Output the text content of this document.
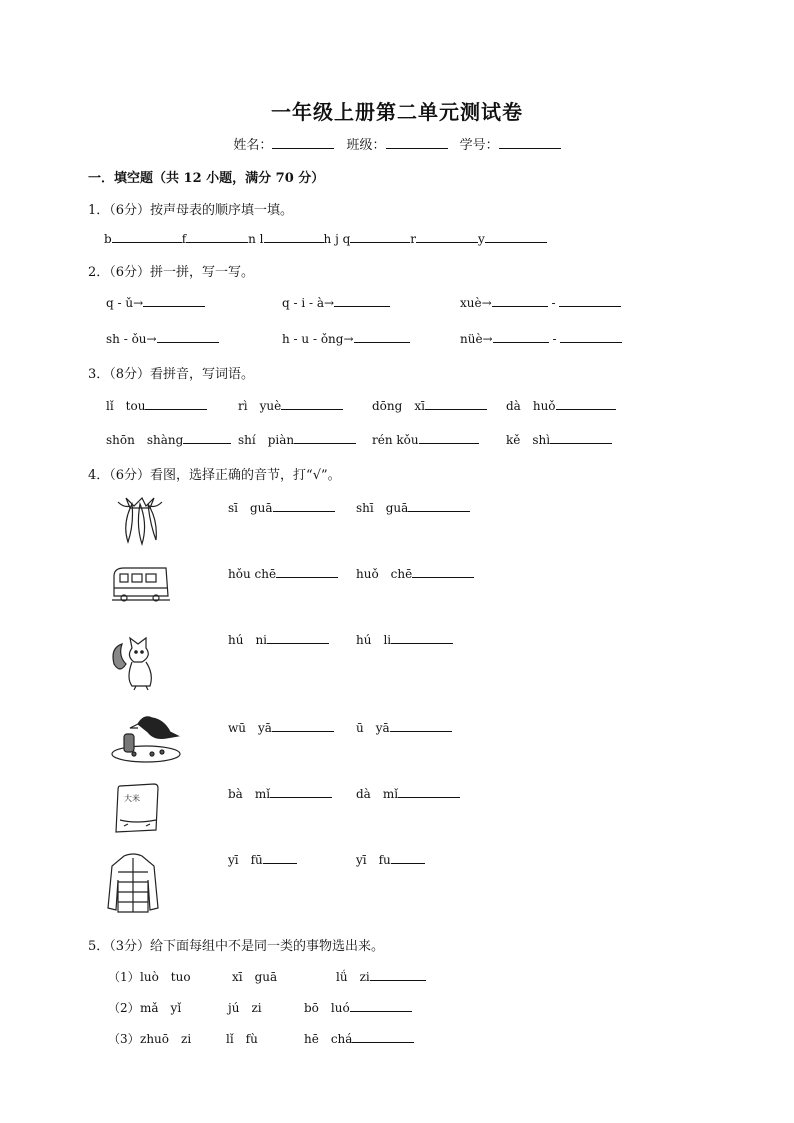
一年级上册第二单元测试卷
姓名：	班级：	学号：
一．填空题（共 12 小题，满分 70 分）
1．（6分）按声母表的顺序填一填。
b	f	n l	h j q	r	y
2．（6分）拼一拼，写一写。
q - ǔ→	q - i - à→	xuè→	-
sh - ǒu→	h - u - ǒng→	nüè→	-
3．（8分）看拼音，写词语。
lǐ　tou	rì　yuè	dōng　xī	dà　huǒ
shōn　shàng	shí　piàn	rén kǒu	kě　shì
4．（6分）看图，选择正确的音节，打“√”。
sī　guā	shī　guā
hǒu chē	huǒ　chē
hú　ni	hú　li
wū　yā	ū　yā
大米	bà　mǐ	dà　mǐ
yī　fū	yī　fu
5．（3分）给下面每组中不是同一类的事物选出来。
（1） luò　tuo	xī　guā	lǘ　zi
（2） mǎ　yǐ	jú　zi	bō　luó
（3） zhuō　zi	lǐ　fù	hē　chá
